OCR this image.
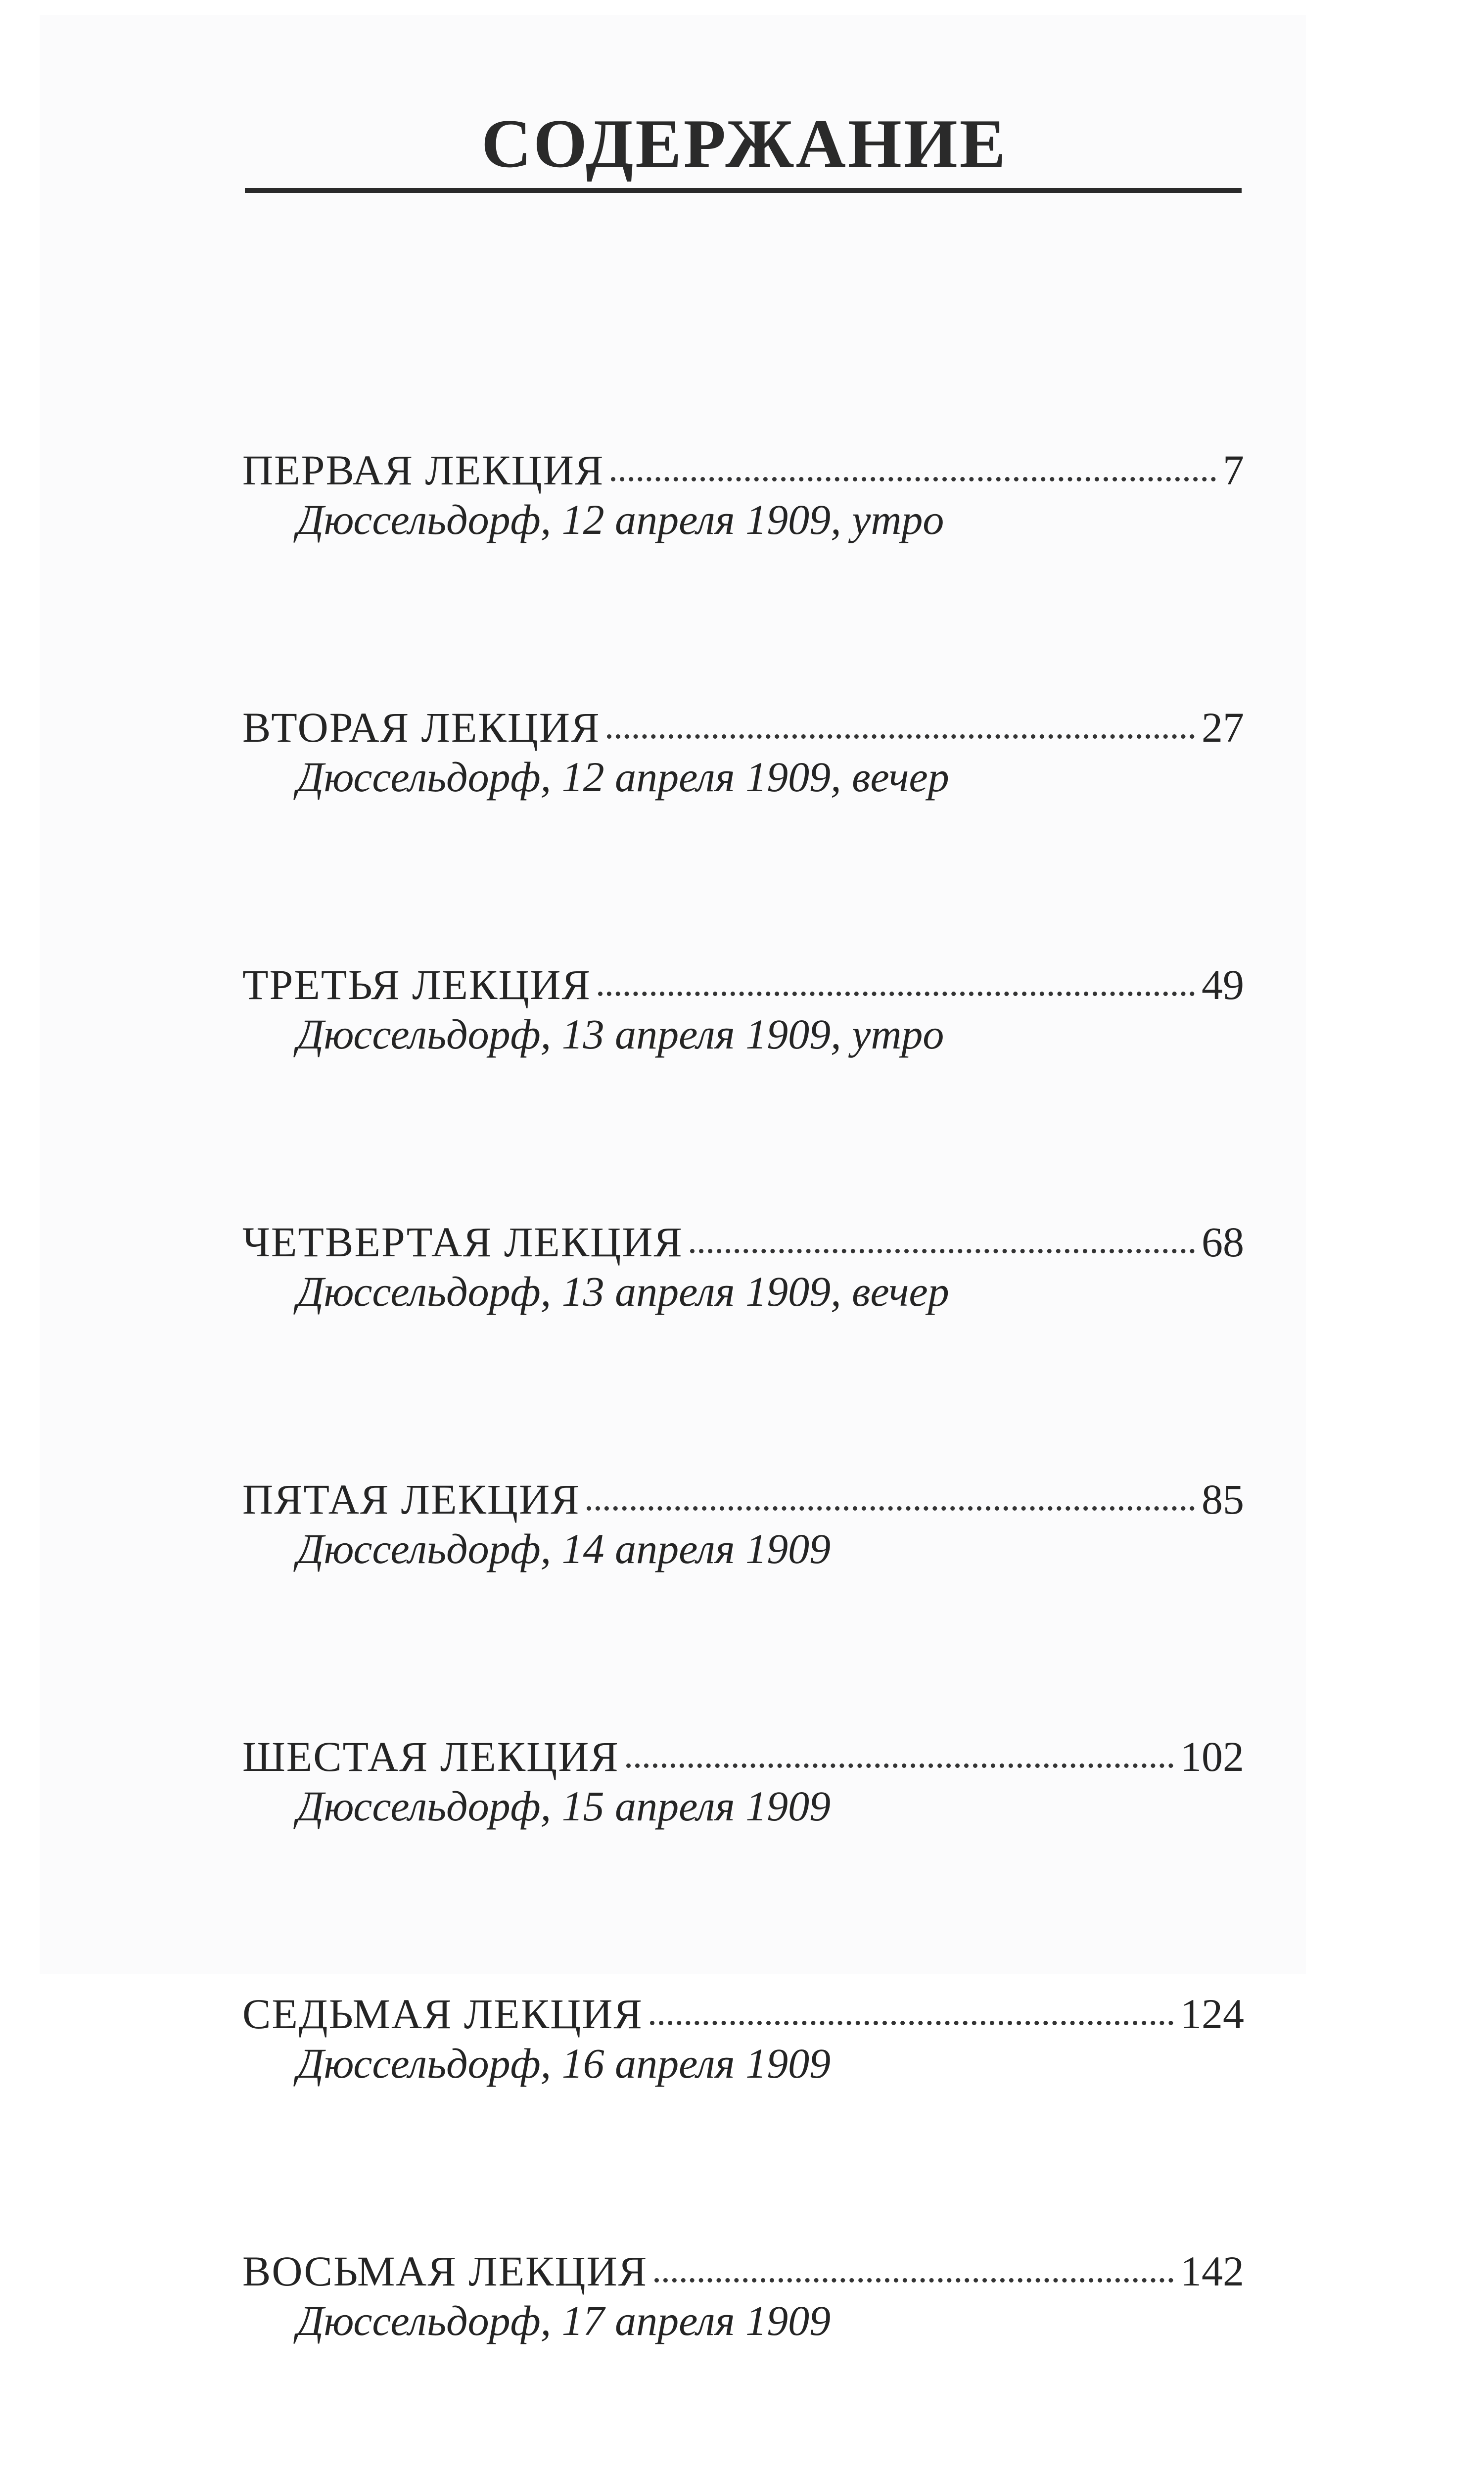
СОДЕРЖАНИЕ
ПЕРВАЯ ЛЕКЦИЯ	7
Дюссельдорф, 12 апреля 1909, утро
ВТОРАЯ ЛЕКЦИЯ	27
Дюссельдорф, 12 апреля 1909, вечер
ТРЕТЬЯ ЛЕКЦИЯ	49
Дюссельдорф, 13 апреля 1909, утро
ЧЕТВЕРТАЯ ЛЕКЦИЯ	68
Дюссельдорф, 13 апреля 1909, вечер
ПЯТАЯ ЛЕКЦИЯ	85
Дюссельдорф, 14 апреля 1909
ШЕСТАЯ ЛЕКЦИЯ	102
Дюссельдорф, 15 апреля 1909
СЕДЬМАЯ ЛЕКЦИЯ	124
Дюссельдорф, 16 апреля 1909
ВОСЬМАЯ ЛЕКЦИЯ	142
Дюссельдорф, 17 апреля 1909
